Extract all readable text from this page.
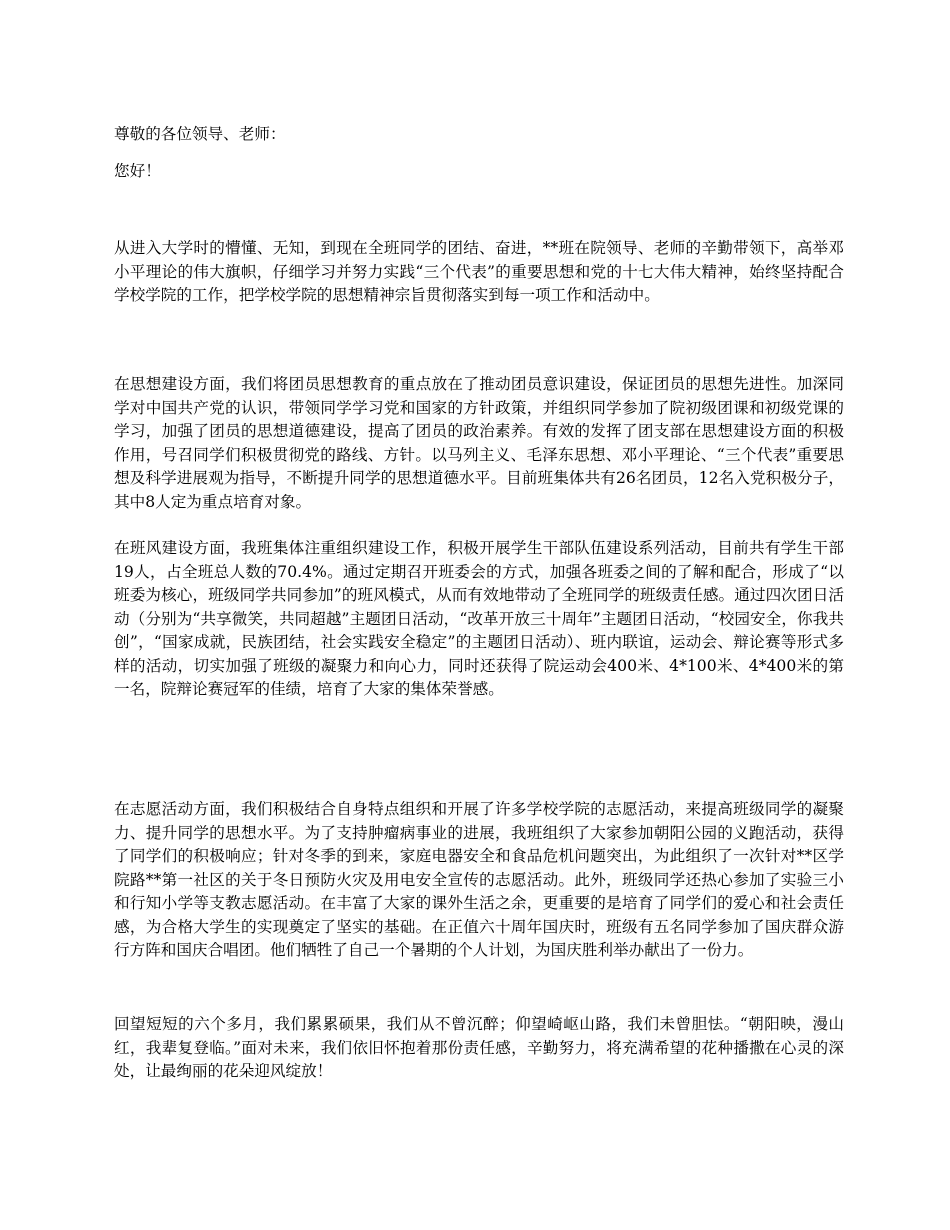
尊敬的各位领导、老师：

您好！

从进入大学时的懵懂、无知，到现在全班同学的团结、奋进，**班在院领导、老师的辛勤带领下，高举邓小平理论的伟大旗帜，仔细学习并努力实践“三个代表”的重要思想和党的十七大伟大精神，始终坚持配合学校学院的工作，把学校学院的思想精神宗旨贯彻落实到每一项工作和活动中。

在思想建设方面，我们将团员思想教育的重点放在了推动团员意识建设，保证团员的思想先进性。加深同学对中国共产党的认识，带领同学学习党和国家的方针政策，并组织同学参加了院初级团课和初级党课的学习，加强了团员的思想道德建设，提高了团员的政治素养。有效的发挥了团支部在思想建设方面的积极作用，号召同学们积极贯彻党的路线、方针。以马列主义、毛泽东思想、邓小平理论、“三个代表”重要思想及科学进展观为指导，不断提升同学的思想道德水平。目前班集体共有26名团员，12名入党积极分子，其中8人定为重点培育对象。

在班风建设方面，我班集体注重组织建设工作，积极开展学生干部队伍建设系列活动，目前共有学生干部19人，占全班总人数的70.4%。通过定期召开班委会的方式，加强各班委之间的了解和配合，形成了“以班委为核心，班级同学共同参加”的班风模式，从而有效地带动了全班同学的班级责任感。通过四次团日活动（分别为“共享微笑，共同超越”主题团日活动，“改革开放三十周年”主题团日活动，“校园安全，你我共创”，“国家成就，民族团结，社会实践安全稳定”的主题团日活动）、班内联谊，运动会、辩论赛等形式多样的活动，切实加强了班级的凝聚力和向心力，同时还获得了院运动会400米、4*100米、4*400米的第一名，院辩论赛冠军的佳绩，培育了大家的集体荣誉感。

在志愿活动方面，我们积极结合自身特点组织和开展了许多学校学院的志愿活动，来提高班级同学的凝聚力、提升同学的思想水平。为了支持肿瘤病事业的进展，我班组织了大家参加朝阳公园的义跑活动，获得了同学们的积极响应；针对冬季的到来，家庭电器安全和食品危机问题突出，为此组织了一次针对**区学院路**第一社区的关于冬日预防火灾及用电安全宣传的志愿活动。此外，班级同学还热心参加了实验三小和行知小学等支教志愿活动。在丰富了大家的课外生活之余，更重要的是培育了同学们的爱心和社会责任感，为合格大学生的实现奠定了坚实的基础。在正值六十周年国庆时，班级有五名同学参加了国庆群众游行方阵和国庆合唱团。他们牺牲了自己一个暑期的个人计划，为国庆胜利举办献出了一份力。

回望短短的六个多月，我们累累硕果，我们从不曾沉醉；仰望崎岖山路，我们未曾胆怯。“朝阳映，漫山红，我辈复登临。”面对未来，我们依旧怀抱着那份责任感，辛勤努力，将充满希望的花种播撒在心灵的深处，让最绚丽的花朵迎风绽放！
